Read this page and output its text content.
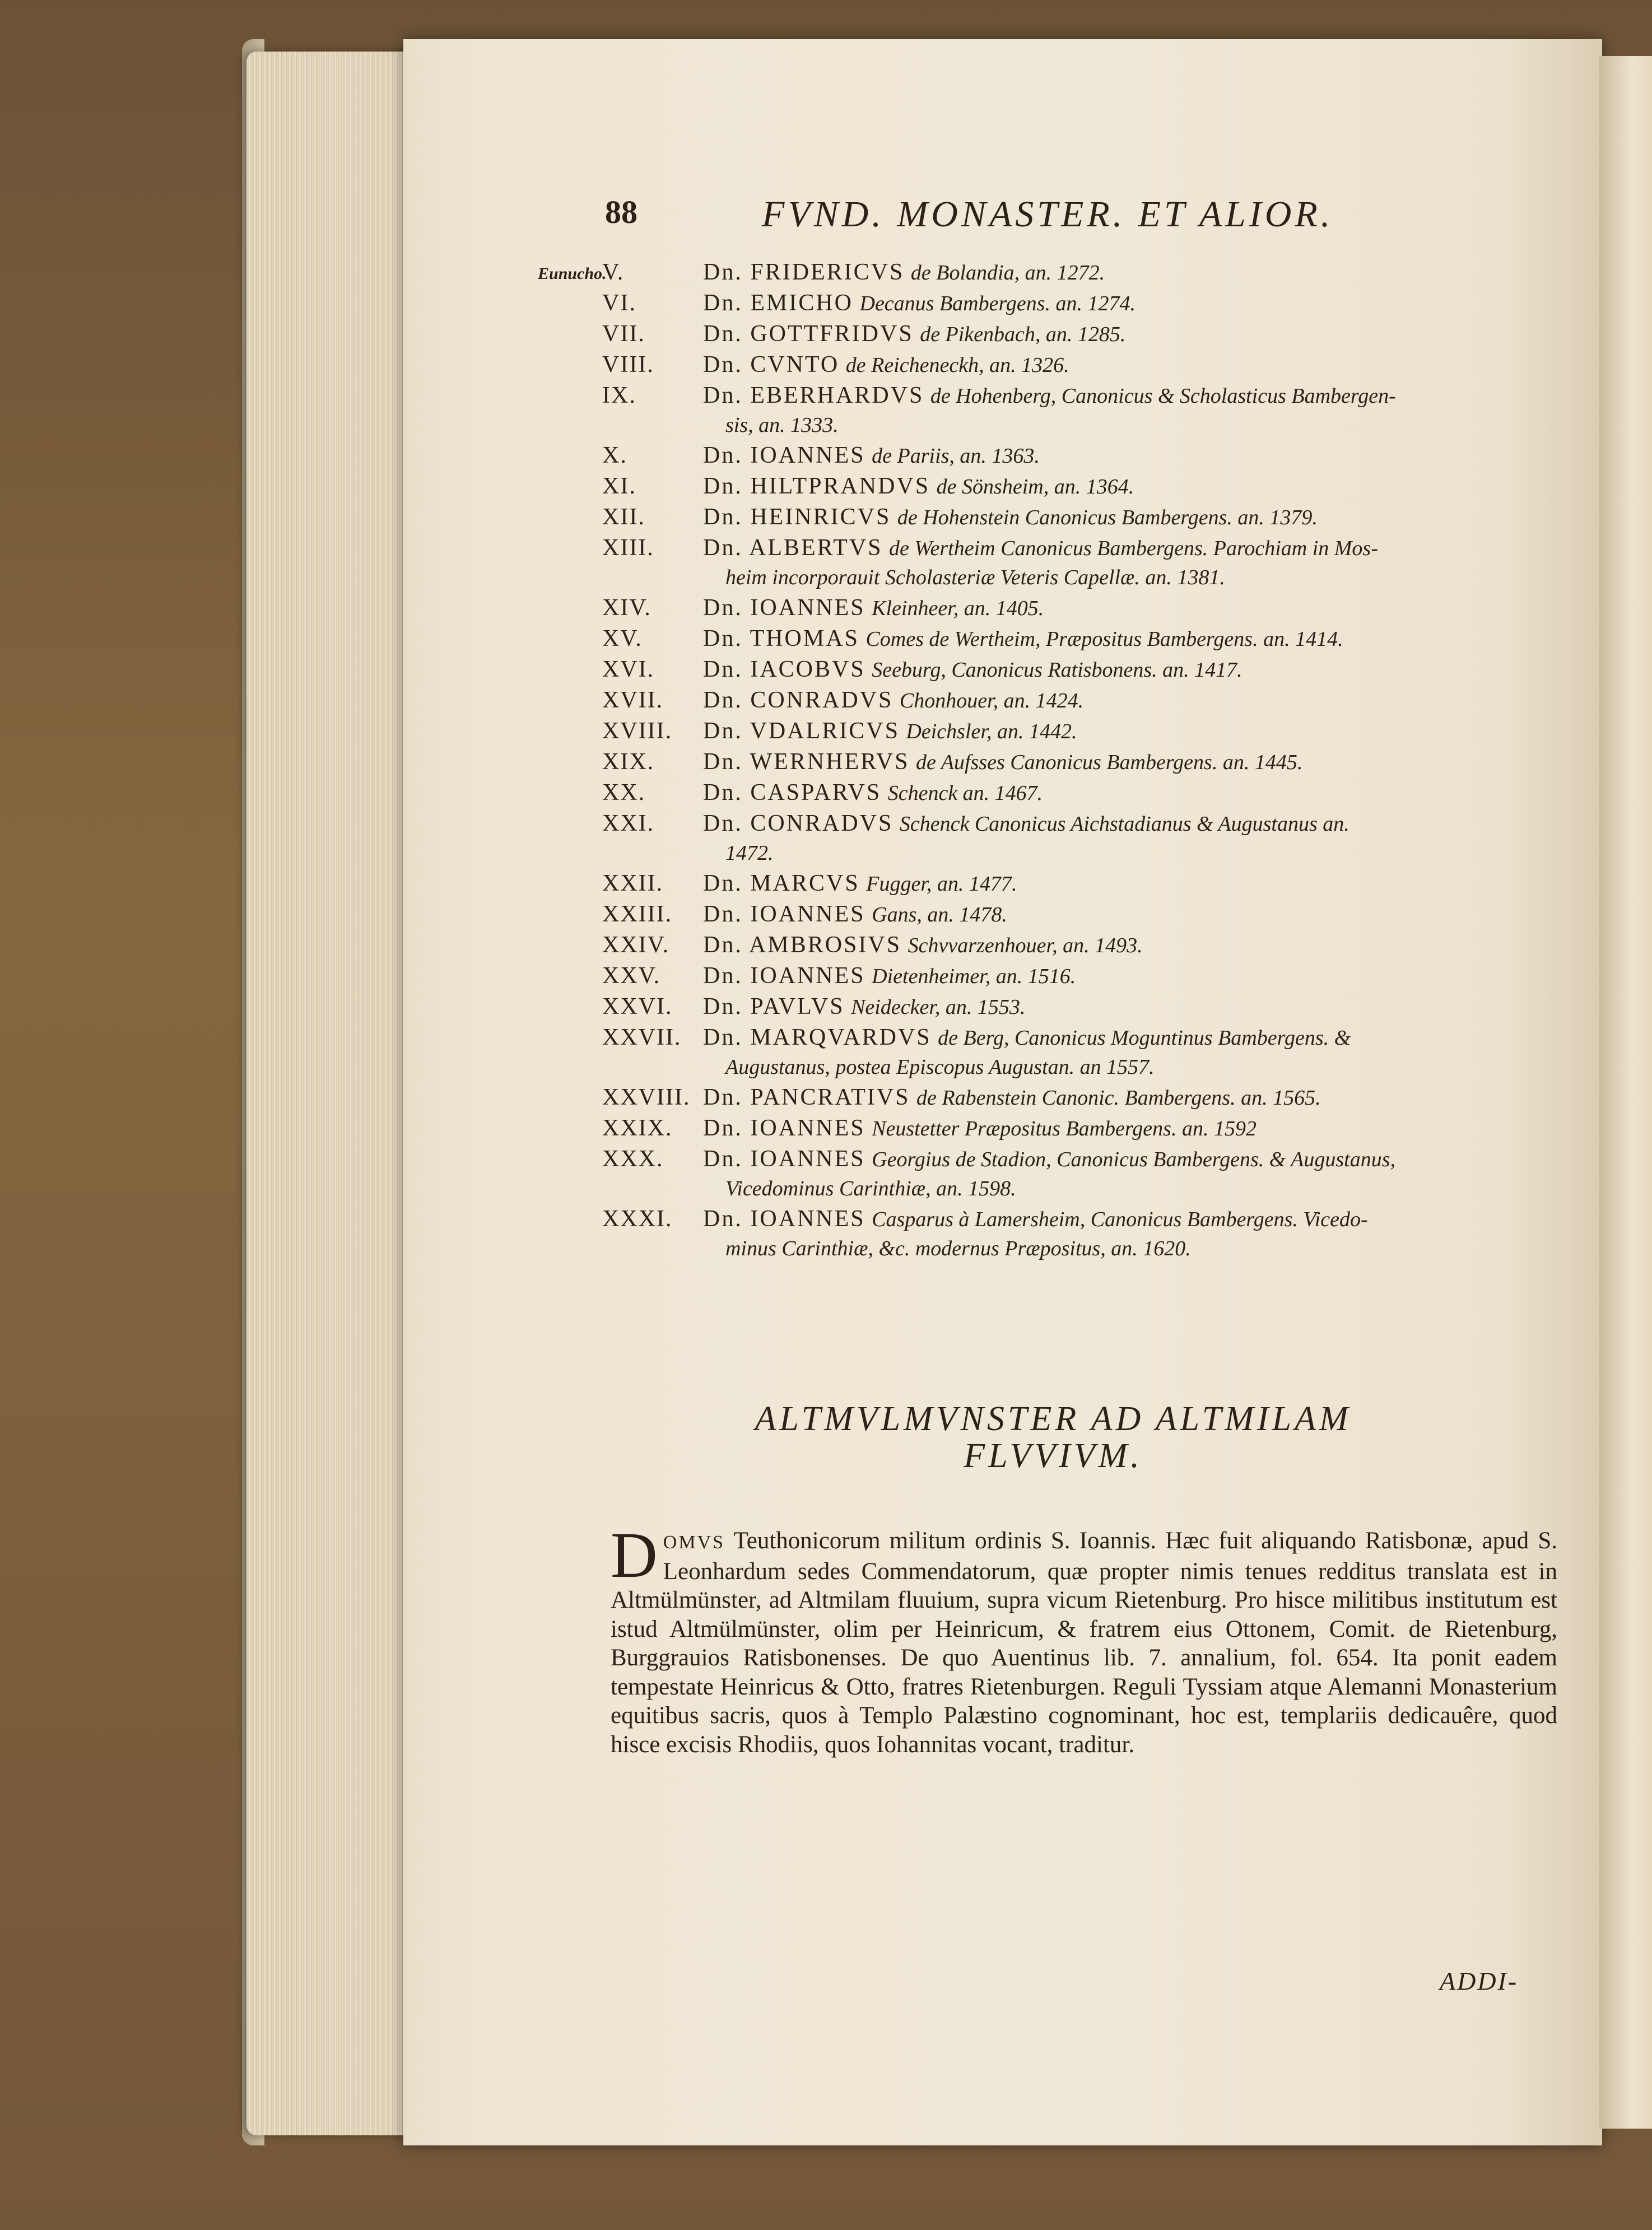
88	FVND. MONASTER. ET ALIOR.
Eunucho.
V.	Dn. FRIDERICVS de Bolandia, an. 1272.
VI.	Dn. EMICHO Decanus Bambergens. an. 1274.
VII.	Dn. GOTTFRIDVS de Pikenbach, an. 1285.
VIII.	Dn. CVNTO de Reicheneckh, an. 1326.
IX.	Dn. EBERHARDVS de Hohenberg, Canonicus & Scholasticus Bambergen-
sis, an. 1333.
X.	Dn. IOANNES de Pariis, an. 1363.
XI.	Dn. HILTPRANDVS de Sönsheim, an. 1364.
XII.	Dn. HEINRICVS de Hohenstein Canonicus Bambergens. an. 1379.
XIII.	Dn. ALBERTVS de Wertheim Canonicus Bambergens. Parochiam in Mos-
heim incorporauit Scholasteriæ Veteris Capellæ. an. 1381.
XIV.	Dn. IOANNES Kleinheer, an. 1405.
XV.	Dn. THOMAS Comes de Wertheim, Præpositus Bambergens. an. 1414.
XVI.	Dn. IACOBVS Seeburg, Canonicus Ratisbonens. an. 1417.
XVII.	Dn. CONRADVS Chonhouer, an. 1424.
XVIII.	Dn. VDALRICVS Deichsler, an. 1442.
XIX.	Dn. WERNHERVS de Aufsses Canonicus Bambergens. an. 1445.
XX.	Dn. CASPARVS Schenck an. 1467.
XXI.	Dn. CONRADVS Schenck Canonicus Aichstadianus & Augustanus an.
1472.
XXII.	Dn. MARCVS Fugger, an. 1477.
XXIII.	Dn. IOANNES Gans, an. 1478.
XXIV.	Dn. AMBROSIVS Schvvarzenhouer, an. 1493.
XXV.	Dn. IOANNES Dietenheimer, an. 1516.
XXVI.	Dn. PAVLVS Neidecker, an. 1553.
XXVII. Dn. MARQVARDVS de Berg, Canonicus Moguntinus Bambergens. &
Augustanus, postea Episcopus Augustan. an 1557.
XXVIII. Dn. PANCRATIVS de Rabenstein Canonic. Bambergens. an. 1565.
XXIX.	Dn. IOANNES Neustetter Præpositus Bambergens. an. 1592
XXX.	Dn. IOANNES Georgius de Stadion, Canonicus Bambergens. & Augustanus,
Vicedominus Carinthiæ, an. 1598.
XXXI.	Dn. IOANNES Casparus à Lamersheim, Canonicus Bambergens. Vicedo-
minus Carinthiæ, &c. modernus Præpositus, an. 1620.
ALTMVLMVNSTER AD ALTMILAM
FLVVIVM.
DOMVS Teuthonicorum militum ordinis S. Ioannis. Hæc fuit aliquando Ratisbonæ, apud S. Leonhardum sedes Commendatorum, quæ propter nimis tenues redditus translata est in Altmülmünster, ad Altmilam fluuium, supra vicum Rietenburg. Pro hisce militibus institutum est istud Altmülmünster, olim per Heinricum, & fratrem eius Ottonem, Comit. de Rietenburg, Burggrauios Ratisbonenses. De quo Auentinus lib. 7. annalium, fol. 654. Ita ponit eadem tempestate Heinricus & Otto, fratres Rietenburgen. Reguli Tyssiam atque Alemanni Monasterium equitibus sacris, quos à Templo Palæstino cognominant, hoc est, templariis dedicauêre, quod hisce excisis Rhodiis, quos Iohannitas vocant, traditur.
ADDI-
